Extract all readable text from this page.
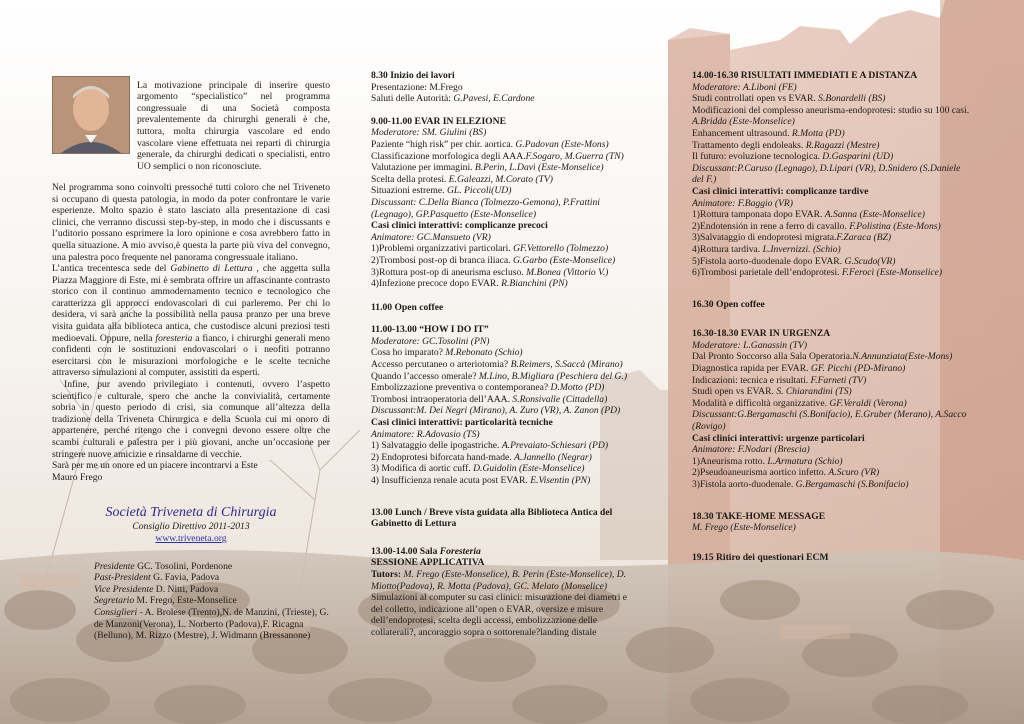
La motivazione principale di inserire questo argomento “specialistico” nel programma congressuale di una Società composta prevalentemente da chirurghi generali è che, tuttora, molta chirurgia vascolare ed endo vascolare viene effettuata nei reparti di chirurgia generale, da chirurghi dedicati o specialisti, entro UO semplici o non riconosciute.

Nel programma sono coinvolti pressoché tutti coloro che nel Triveneto si occupano di questa patologia, in modo da poter confrontare le varie esperienze. Molto spazio è stato lasciato alla presentazione di casi clinici, che verranno discussi step-by-step, in modo che i discussants e l’uditorio possano esprimere la loro opinione e cosa avrebbero fatto in quella situazione. A mio avviso,è questa la parte più viva del convegno, una palestra poco frequente nel panorama congressuale italiano.

L’antica trecentesca sede del Gabinetto di Lettura , che aggetta sulla Piazza Maggiore di Este, mi è sembrata offrire un affascinante contrasto storico con il continuo ammodernamento tecnico e tecnologico che caratterizza gli approcci endovascolari di cui parleremo. Per chi lo desidera, vi sarà anche la possibilità nella pausa pranzo per una breve visita guidata alla biblioteca antica, che custodisce alcuni preziosi testi medioevali. Oppure, nella foresteria a fianco, i chirurghi generali meno confidenti con le sostituzioni endovascolari o i neofiti potranno esercitarsi con le misurazioni morfologiche e le scelte tecniche attraverso simulazioni al computer, assistiti da esperti.

Infine, pur avendo privilegiato i contenuti, ovvero l’aspetto scientifico e culturale, spero che anche la convivialità, certamente sobria in questo periodo di crisi, sia comunque all’altezza della tradizione della Triveneta Chirurgica e della Scuola cui mi onoro di appartenere, perché ritengo che i convegni devono essere oltre che scambi culturali e palestra per i più giovani, anche un’occasione per stringere nuove amicizie e rinsaldarne di vecchie.

Sarà per me un onore ed un piacere incontrarvi a Este

Mauro Frego

Società Triveneta di Chirurgia
Consiglio Direttivo 2011-2013
www.triveneta.org
Presidente GC. Tosolini, Pordenone
Past-President G. Favia, Padova
Vice Presidente D. Nitti, Padova
Segretario M. Frego, Este-Monselice
Consiglieri - A. Brolese (Trento),N. de Manzini, (Trieste), G. de Manzoni(Verona), L. Norberto (Padova),F. Ricagna (Belluno), M. Rizzo (Mestre), J. Widmann (Bressanone)
8.30 Inizio dei lavori
Presentazione: M.Frego
Saluti delle Autorità: G.Pavesi, E.Cardone
9.00-11.00 EVAR IN ELEZIONE
Moderatore: SM. Giulini (BS)
Paziente “high risk” per chir. aortica. G.Padovan (Este-Mons)
Classificazione morfologica degli AAA.F.Sogaro, M.Guerra (TN)
Valutazione per immagini. B.Perin, L.Davì (Este-Monselice)
Scelta della protesi. E.Galeazzi, M.Corato (TV)
Situazioni estreme. GL. Piccoli(UD)
Discussant: C.Della Bianca (Tolmezzo-Gemona), P.Frattini (Legnago), GP.Pasquetto (Este-Monselice)
Casi clinici interattivi: complicanze precoci
Animatore: GC.Mansueto (VR)
1)Problemi organizzativi particolari. GF.Vettorello (Tolmezzo)
2)Trombosi post-op di branca iliaca. G.Garbo (Este-Monselice)
3)Rottura post-op di aneurisma escluso. M.Bonea (Vittorio V.)
4)Infezione precoce dopo EVAR. R.Bianchini (PN)
11.00 Open coffee
11.00-13.00 “HOW I DO IT”
Moderatore: GC.Tosolini (PN)
Cosa ho imparato? M.Rebonato (Schio)
Accesso percutaneo o arteriotomia? B.Reimers, S.Saccà (Mirano)
Quando l’accesso omerale? M.Lino, B.Migliara (Peschiera del G.)
Embolizzazione preventiva o contemporanea? D.Motto (PD)
Trombosi intraoperatoria dell’AAA. S.Ronsivalle (Cittadella)
Discussant:M. Dei Negri (Mirano), A. Zuro (VR), A. Zanon (PD)
Casi clinici interattivi: particolarità tecniche
Animatore: R.Adovasio (TS)
1) Salvataggio delle ipogastriche. A.Prevaiato-Schiesari (PD)
2) Endoprotesi biforcata hand-made. A.Jannello (Negrar)
3) Modifica di aortic cuff. D.Guidolin (Este-Monselice)
4) Insufficienza renale acuta post EVAR. E.Visentin (PN)
13.00 Lunch / Breve vista guidata alla Biblioteca Antica del Gabinetto di Lettura
13.00-14.00 Sala Foresteria
SESSIONE APPLICATIVA
Tutors: M. Frego (Este-Monselice), B. Perin (Este-Monselice), D. Miotto(Padova), R. Motta (Padova), GC. Melato (Monselice)
Simulazioni al computer su casi clinici: misurazione dei diametri e del colletto, indicazione all’open o EVAR, oversize e misure dell’endoprotesi, scelta degli accessi, embolizzazione delle collaterali?, ancoraggio sopra o sottorenale?landing distale
14.00-16.30 RISULTATI IMMEDIATI E A DISTANZA
Moderatore: A.Liboni (FE)
Studi controllati open vs EVAR. S.Bonardelli (BS)
Modificazioni del complesso aneurisma-endoprotesi: studio su 100 casi. A.Bridda (Este-Monselice)
Enhancement ultrasound. R.Motta (PD)
Trattamento degli endoleaks. R.Ragazzi (Mestre)
Il futuro: evoluzione tecnologica. D.Gasparini (UD)
Discussant:P.Caruso (Legnago), D.Lipari (VR), D.Snidero (S.Daniele del F.)
Casi clinici interattivi: complicanze tardive
Animatore: F.Baggio (VR)
1)Rottura tamponata dopo EVAR. A.Sanna (Este-Monselice)
2)Endotensión in rene a ferro di cavallo. F.Polistina (Este-Mons)
3)Salvataggio di endoprotesi migrata.F.Zaraca (BZ)
4)Rottura tardiva. L.Invernizzi. (Schio)
5)Fistola aorto-duodenale dopo EVAR. G.Scudo(VR)
6)Trombosi parietale dell’endoprotesi. F.Ferocì (Este-Monselice)
16.30 Open coffee
16.30-18.30 EVAR IN URGENZA
Moderatore: L.Ganassin (TV)
Dal Pronto Soccorso alla Sala Operatoria.N.Annunziata(Este-Mons)
Diagnostica rapida per EVAR. GF. Picchi (PD-Mirano)
Indicazioni: tecnica e risultati. F.Farneti (TV)
Studi open vs EVAR. S. Chiarandini (TS)
Modalità e difficoltà organizzative. GF.Veraldi (Verona)
Discussant:G.Bergamaschi (S.Bonifacio), E.Gruber (Merano), A.Sacco (Rovigo)
Casi clinici interattivi: urgenze particolari
Animatore: F.Nodari (Brescia)
1)Aneurisma rotto. L.Armatura (Schio)
2)Pseudoaneurisma aortico infetto. A.Scuro (VR)
3)Fistola aorto-duodenale. G.Bergamaschi (S.Bonifacio)
18.30 TAKE-HOME MESSAGE
M. Frego (Este-Monselice)
19.15 Ritiro dei questionari ECM
